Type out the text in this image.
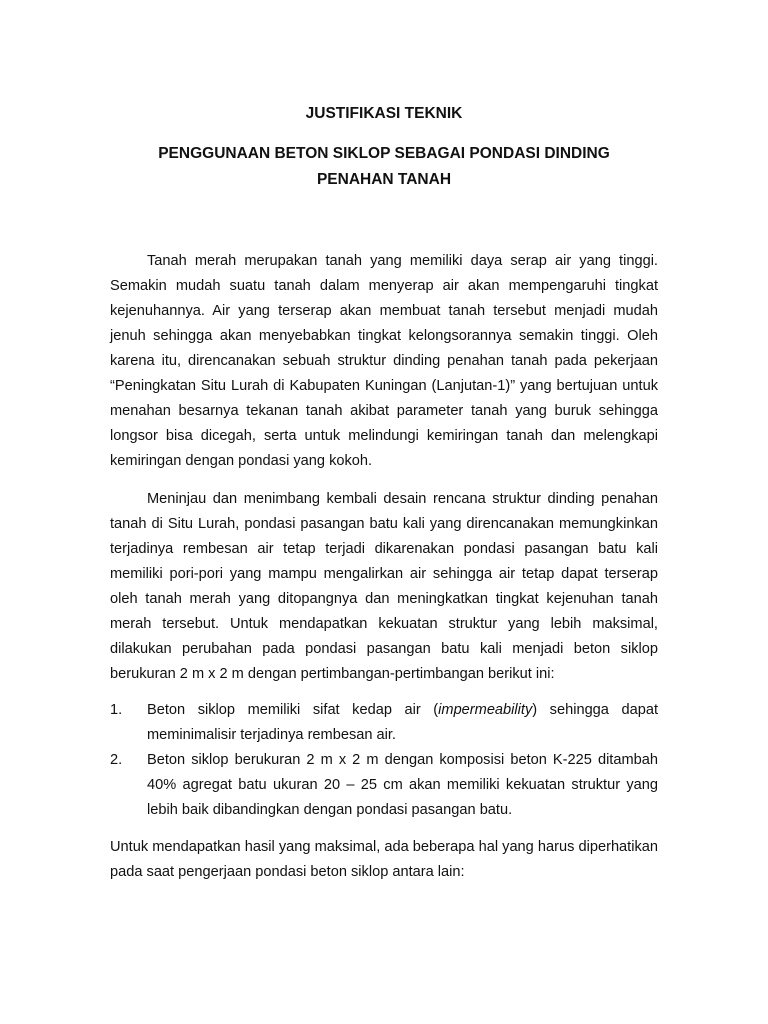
JUSTIFIKASI TEKNIK
PENGGUNAAN BETON SIKLOP SEBAGAI PONDASI DINDING
PENAHAN TANAH

Tanah merah merupakan tanah yang memiliki daya serap air yang tinggi. Semakin mudah suatu tanah dalam menyerap air akan mempengaruhi tingkat kejenuhannya. Air yang terserap akan membuat tanah tersebut menjadi mudah jenuh sehingga akan menyebabkan tingkat kelongsorannya semakin tinggi. Oleh karena itu, direncanakan sebuah struktur dinding penahan tanah pada pekerjaan “Peningkatan Situ Lurah di Kabupaten Kuningan (Lanjutan-1)” yang bertujuan untuk menahan besarnya tekanan tanah akibat parameter tanah yang buruk sehingga longsor bisa dicegah, serta untuk melindungi kemiringan tanah dan melengkapi kemiringan dengan pondasi yang kokoh.

Meninjau dan menimbang kembali desain rencana struktur dinding penahan tanah di Situ Lurah, pondasi pasangan batu kali yang direncanakan memungkinkan terjadinya rembesan air tetap terjadi dikarenakan pondasi pasangan batu kali memiliki pori-pori yang mampu mengalirkan air sehingga air tetap dapat terserap oleh tanah merah yang ditopangnya dan meningkatkan tingkat kejenuhan tanah merah tersebut. Untuk mendapatkan kekuatan struktur yang lebih maksimal, dilakukan perubahan pada pondasi pasangan batu kali menjadi beton siklop berukuran 2 m x 2 m dengan pertimbangan-pertimbangan berikut ini:

1. Beton siklop memiliki sifat kedap air (impermeability) sehingga dapat meminimalisir terjadinya rembesan air.
2. Beton siklop berukuran 2 m x 2 m dengan komposisi beton K-225 ditambah 40% agregat batu ukuran 20 – 25 cm akan memiliki kekuatan struktur yang lebih baik dibandingkan dengan pondasi pasangan batu.

Untuk mendapatkan hasil yang maksimal, ada beberapa hal yang harus diperhatikan pada saat pengerjaan pondasi beton siklop antara lain:
